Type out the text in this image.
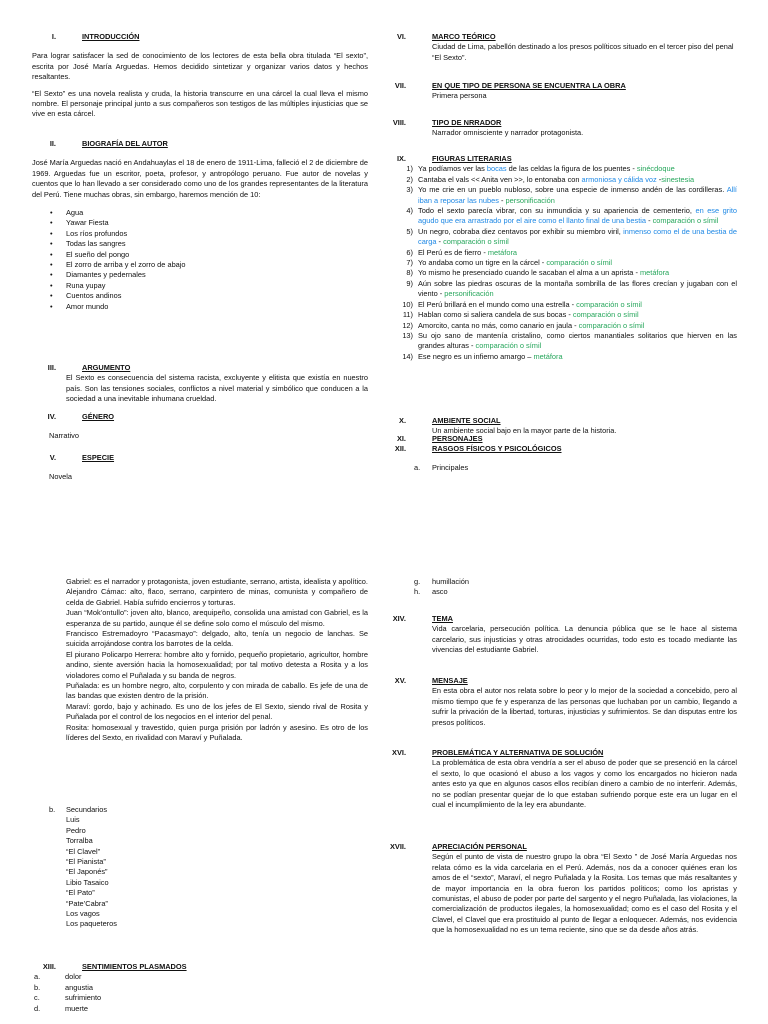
I.	INTRODUCCIÓN

Para lograr satisfacer la sed de conocimiento de los lectores de esta bella obra titulada “El sexto”, escrita por José María Arguedas. Hemos decidido sintetizar y organizar varios datos y hechos resaltantes.

“El Sexto” es una novela realista y cruda, la historia transcurre en una cárcel la cual lleva el mismo nombre. El personaje principal junto a sus compañeros son testigos de las múltiples injusticias que se vive en esta cárcel.

II.	BIOGRAFÍA DEL AUTOR

José María Arguedas nació en Andahuaylas el 18 de enero de 1911-Lima, falleció el 2 de diciembre de 1969. Arguedas fue un escritor, poeta, profesor, y antropólogo peruano. Fue autor de novelas y cuentos que lo han llevado a ser considerado como uno de los grandes representantes de la literatura del Perú. Tiene muchas obras, sin embargo, haremos mención de 10:

• Agua
• Yawar Fiesta
• Los ríos profundos
• Todas las sangres
• El sueño del pongo
• El zorro de arriba y el zorro de abajo
• Diamantes y pedernales
• Runa yupay
• Cuentos andinos
• Amor mundo
III.	ARGUMENTO

El Sexto es consecuencia del sistema racista, excluyente y elitista que existía en nuestro país. Son las tensiones sociales, conflictos a nivel material y simbólico que conducen a la sociedad a una inevitable inhumana crueldad.

IV.	GÉNERO

Narrativo

V.	ESPECIE

Novela

Gabriel: es el narrador y protagonista, joven estudiante, serrano, artista, idealista y apolítico.

Alejandro Cámac: alto, flaco, serrano, carpintero de minas, comunista y compañero de celda de Gabriel. Había sufrido encierros y torturas.

Juan “Mok’ontullo”: joven alto, blanco, arequipeño, consolida una amistad con Gabriel, es la esperanza de su partido, aunque él se define solo como el músculo del mismo.

Francisco Estremadoyro “Pacasmayo”: delgado, alto, tenía un negocio de lanchas. Se suicida arrojándose contra los barrotes de la celda.

El piurano Policarpo Herrera: hombre alto y fornido, pequeño propietario, agricultor, hombre andino, siente aversión hacia la homosexualidad; por tal motivo detesta a Rosita y a los violadores como el Puñalada y su banda de negros.

Puñalada: es un hombre negro, alto, corpulento y con mirada de caballo. Es jefe de una de las bandas que existen dentro de la prisión.

Maraví: gordo, bajo y achinado. Es uno de los jefes de El Sexto, siendo rival de Rosita y Puñalada por el control de los negocios en el interior del penal.

Rosita: homosexual y travestido, quien purga prisión por ladrón y asesino. Es otro de los líderes del Sexto, en rivalidad con Maraví y Puñalada.

b.	Secundarios
Luis
Pedro
Torralba
“El Clavel”
“El Pianista”
“El Japonés”
Libio Tasaico
“El Pato”
“Pate’Cabra”
Los vagos
Los paqueteros
XIII.	SENTIMIENTOS PLASMADOS
a.	dolor
b.	angustia
c.	sufrimiento
d.	muerte
VI.	MARCO TEÓRICO

Ciudad de Lima, pabellón destinado a los presos políticos situado en el tercer piso del penal “El Sexto”.

VII.	EN QUE TIPO DE PERSONA SE ENCUENTRA LA OBRA

Primera persona

VIII.	TIPO DE NRRADOR

Narrador omnisciente y narrador protagonista.

IX.	FIGURAS LITERARIAS
1) Ya podíamos ver las bocas de las celdas la figura de los puentes - sinécdoque
2) Cantaba el vals << Anita ven >>, lo entonaba con armoniosa y cálida voz -sinestesia
3) Yo me crie en un pueblo nubloso, sobre una especie de inmenso andén de las cordilleras. Allí iban a reposar las nubes - personificación
4) Todo el sexto parecía vibrar, con su inmundicia y su apariencia de cementerio, en ese grito agudo que era arrastrado por el aire como el llanto final de una bestia - comparación o símil
5) Un negro, cobraba diez centavos por exhibir su miembro viril, inmenso como el de una bestia de carga - comparación o símil
6) El Perú es de fierro - metáfora
7) Yo andaba como un tigre en la cárcel - comparación o símil
8) Yo mismo he presenciado cuando le sacaban el alma a un aprista - metáfora
9) Aún sobre las piedras oscuras de la montaña sombrilla de las flores crecían y jugaban con el viento - personificación
10) El Perú brillará en el mundo como una estrella - comparación o símil
11) Hablan como si saliera candela de sus bocas - comparación o símil
12) Amorcito, canta no más, como canario en jaula - comparación o símil
13) Su ojo sano de mantenía cristalino, como ciertos manantiales solitarios que hierven en las grandes alturas - comparación o símil
14) Ese negro es un infierno amargo – metáfora
X.	AMBIENTE SOCIAL

Un ambiente social bajo en la mayor parte de la historia.

XI.	PERSONAJES
XII.	RASGOS FÍSICOS Y PSICOLÓGICOS
a.	Principales
g.	humillación
h.	asco
XIV.	TEMA

Vida carcelaria, persecución política. La denuncia pública que se le hace al sistema carcelario, sus injusticias y otras atrocidades ocurridas, todo esto es tocado mediante las vivencias del estudiante Gabriel.

XV.	MENSAJE

En esta obra el autor nos relata sobre lo peor y lo mejor de la sociedad a concebido, pero al mismo tiempo que fe y esperanza de las personas que luchaban por un cambio, llegando a sufrir la privación de la libertad, torturas, injusticias y sufrimientos. Se dan disputas entre los presos políticos.

XVI.	PROBLEMÁTICA Y ALTERNATIVA DE SOLUCIÓN

La problemática de esta obra vendría a ser el abuso de poder que se presenció en la cárcel el sexto, lo que ocasionó el abuso a los vagos y como los encargados no hicieron nada antes esto ya que en algunos casos ellos recibían dinero a cambio de no interferir. Además, no se podían presentar quejar de lo que estaban sufriendo porque este era un lugar en el cual el incumplimiento de la ley era abundante.

XVII.	APRECIACIÓN PERSONAL

Según el punto de vista de nuestro grupo la obra “El Sexto ” de José María Arguedas nos relata cómo es la vida carcelaria en el Perú. Además, nos da a conocer quiénes eran los amos de el “sexto”, Maraví, el negro Puñalada y la Rosita. Los temas que más resaltantes y de mayor importancia en la obra fueron los partidos políticos; como los apristas y comunistas, el abuso de poder por parte del sargento y el negro Puñalada, las violaciones, la comercialización de productos ilegales, la homosexualidad; como es el caso del Rosita y el Clavel, el Clavel que era prostituido al punto de llegar a enloquecer. Además, nos evidencia que la homosexualidad no es un tema reciente, sino que se da desde años atrás.
